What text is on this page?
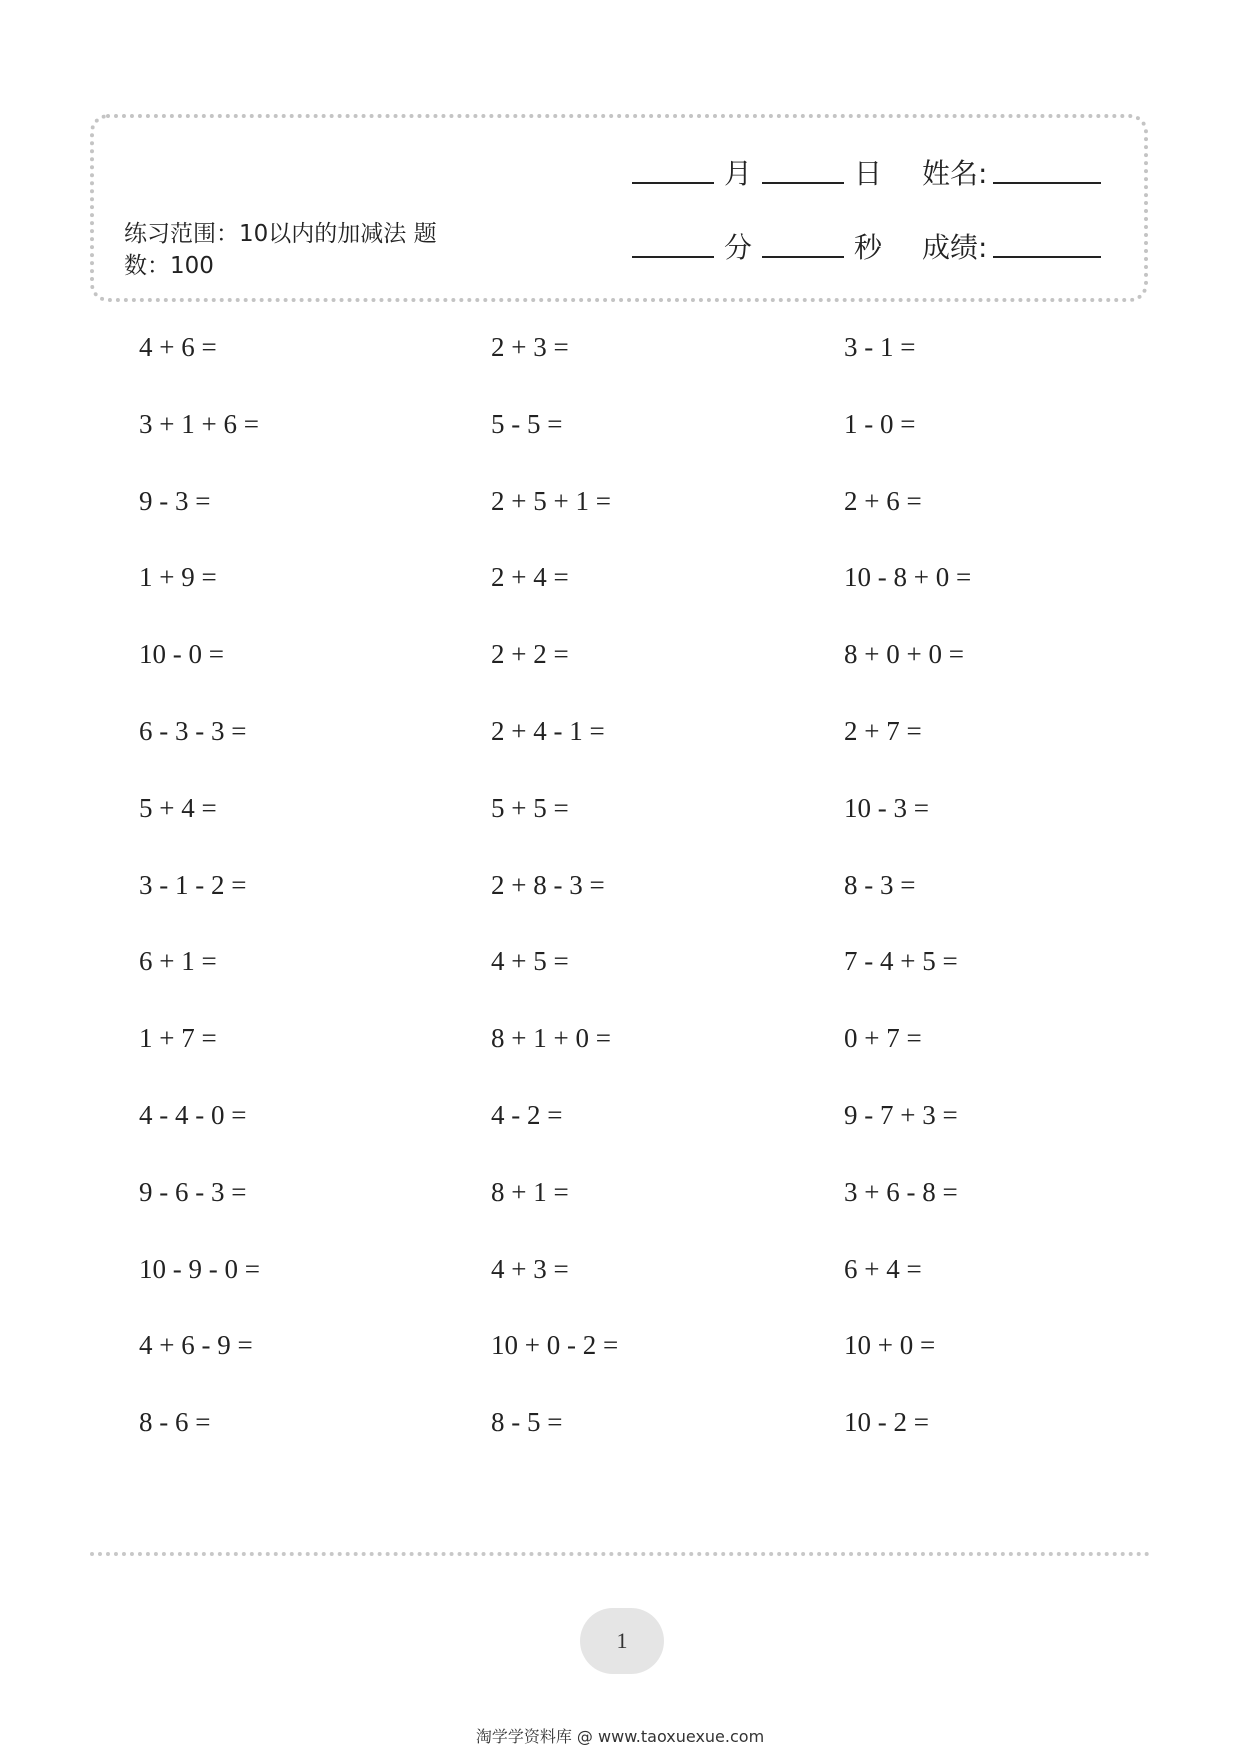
练习范围：10以内的加减法 题
数：100
月	日 姓名:
分	秒 成绩:
4 + 6 =
3 + 1 + 6 =
9 - 3 =
1 + 9 =
10 - 0 =
6 - 3 - 3 =
5 + 4 =
3 - 1 - 2 =
6 + 1 =
1 + 7 =
4 - 4 - 0 =
9 - 6 - 3 =
10 - 9 - 0 =
4 + 6 - 9 =
8 - 6 =
2 + 3 =
5 - 5 =
2 + 5 + 1 =
2 + 4 =
2 + 2 =
2 + 4 - 1 =
5 + 5 =
2 + 8 - 3 =
4 + 5 =
8 + 1 + 0 =
4 - 2 =
8 + 1 =
4 + 3 =
10 + 0 - 2 =
8 - 5 =
3 - 1 =
1 - 0 =
2 + 6 =
10 - 8 + 0 =
8 + 0 + 0 =
2 + 7 =
10 - 3 =
8 - 3 =
7 - 4 + 5 =
0 + 7 =
9 - 7 + 3 =
3 + 6 - 8 =
6 + 4 =
10 + 0 =
10 - 2 =
1
淘学学资料库 @ www.taoxuexue.com
